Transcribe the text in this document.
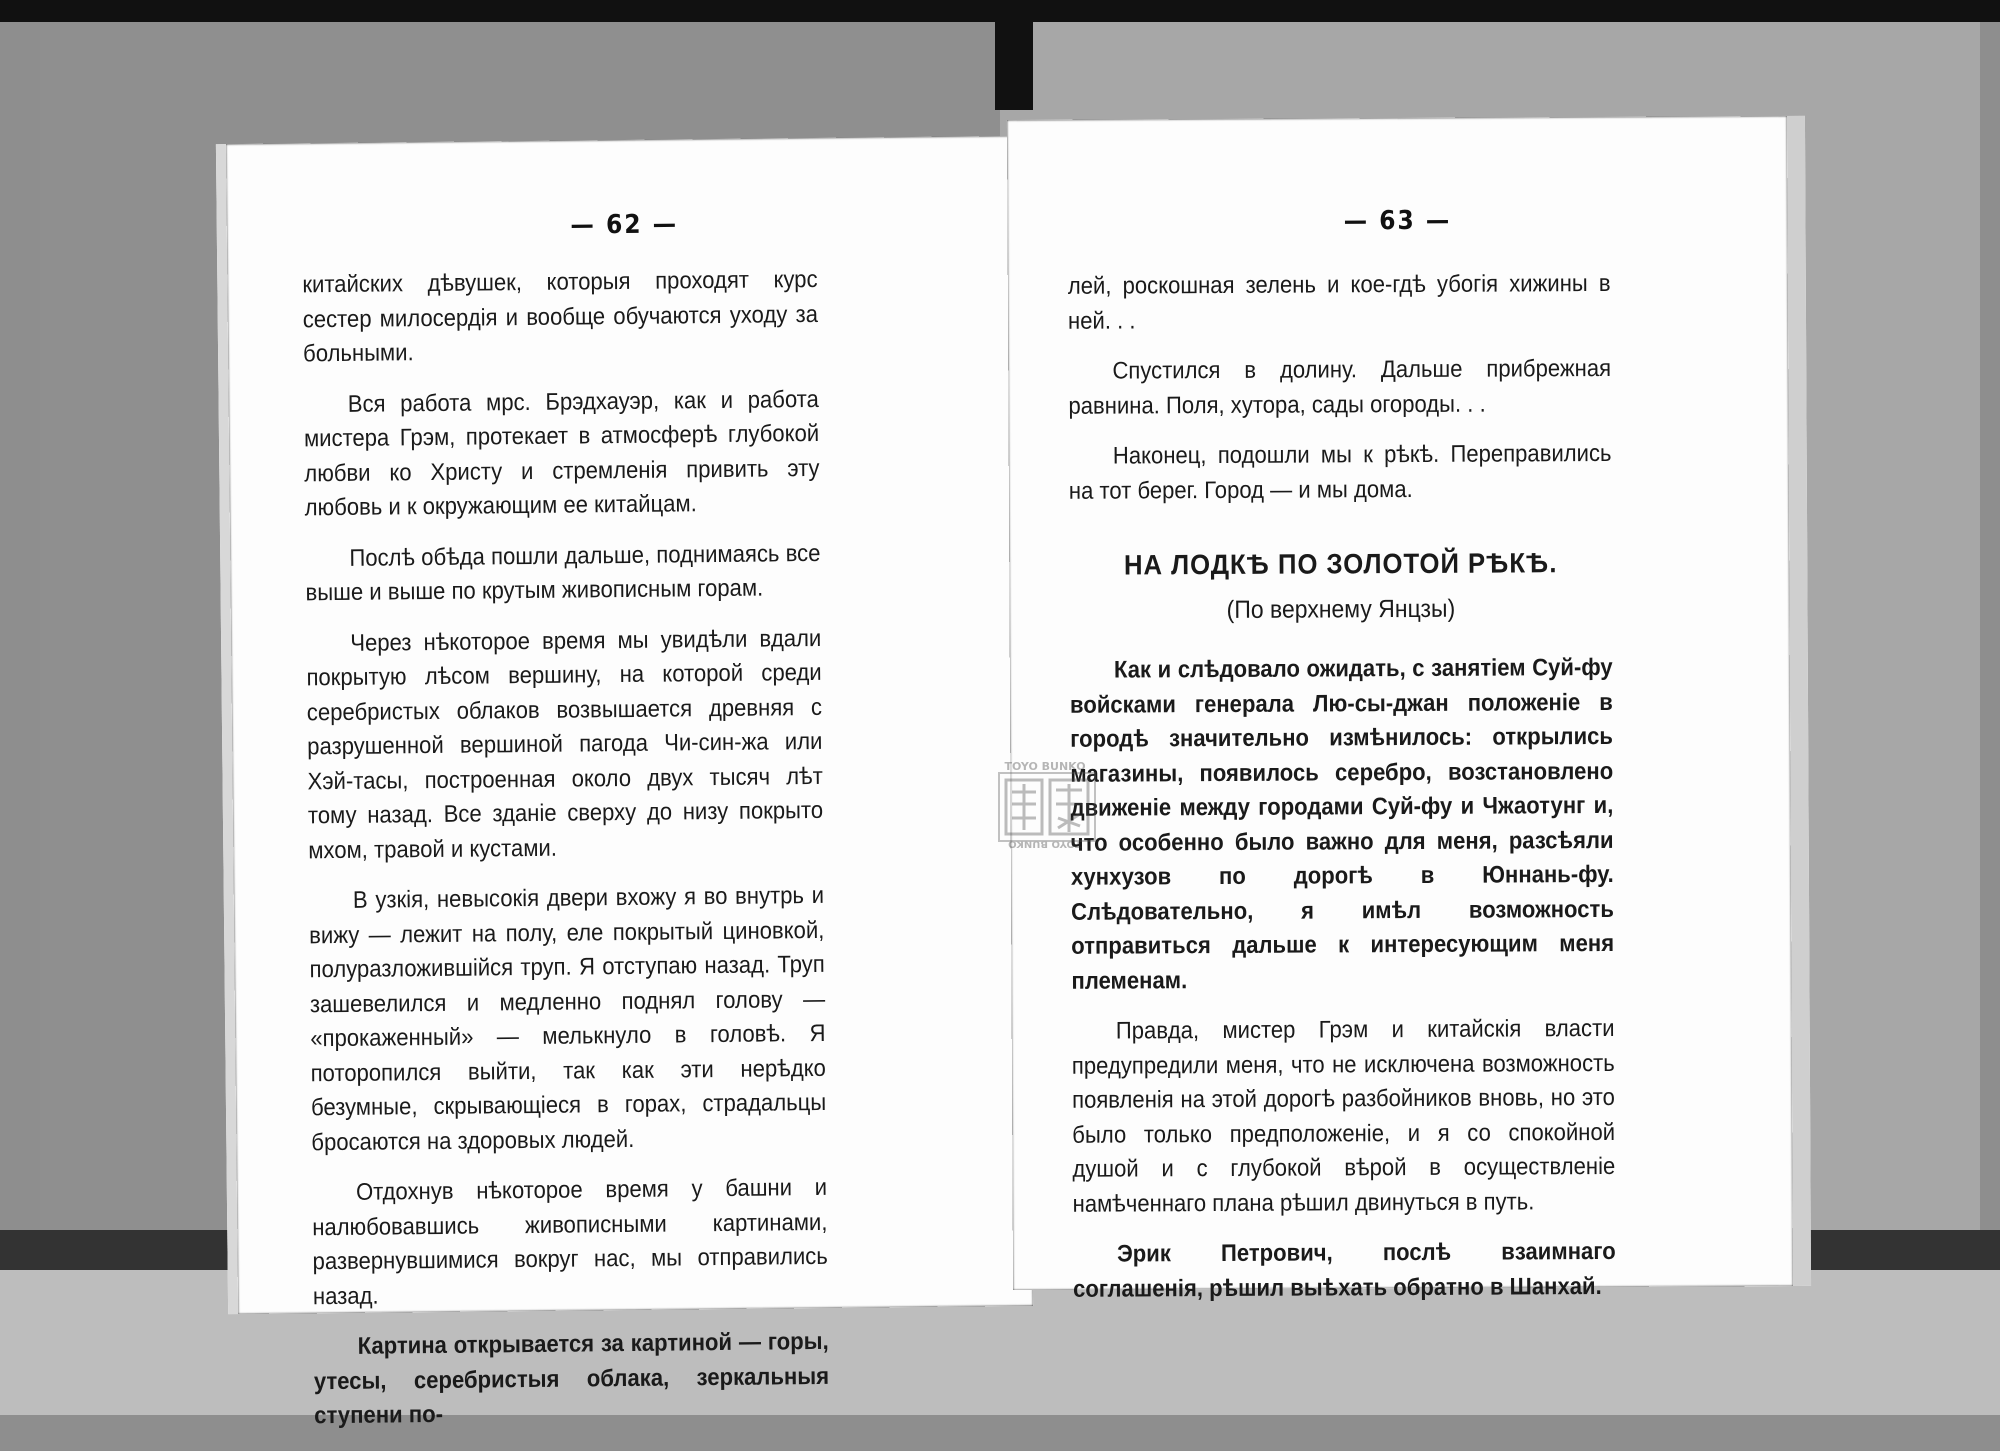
— 62 —

китайских дѣвушек, которыя проходят курс сестер милосердія и вообще обучаются уходу за больными.

Вся работа мрс. Брэдхауэр, как и работа мистера Грэм, протекает в атмосферѣ глубокой любви ко Христу и стремленія привить эту любовь и к окружающим ее китайцам.

Послѣ обѣда пошли дальше, поднимаясь все выше и выше по крутым живописным горам.

Через нѣкоторое время мы увидѣли вдали покрытую лѣсом вершину, на которой среди серебристых облаков возвышается древняя с разрушенной вершиной пагода Чи-син-жа или Хэй-тасы, построенная около двух тысяч лѣт тому назад. Все зданіе сверху до низу покрыто мхом, травой и кустами.

В узкія, невысокія двери вхожу я во внутрь и вижу — лежит на полу, еле покрытый циновкой, полуразложившійся труп. Я отступаю назад. Труп зашевелился и медленно поднял голову — «прокаженный» — мелькнуло в головѣ. Я поторопился выйти, так как эти нерѣдко безумные, скрывающіеся в горах, страдальцы бросаются на здоровых людей.

Отдохнув нѣкоторое время у башни и налюбовавшись живописными картинами, развернувшимися вокруг нас, мы отправились назад.

Картина открывается за картиной — горы, утесы, серебристыя облака, зеркальныя ступени по-

— 63 —

лей, роскошная зелень и кое-гдѣ убогія хижины в ней. . .

Спустился в долину. Дальше прибрежная равнина. Поля, хутора, сады огороды. . .

Наконец, подошли мы к рѣкѣ. Переправились на тот берег. Город — и мы дома.

НА ЛОДКѢ ПО ЗОЛОТОЙ РѢКѢ.
(По верхнему Янцзы)

Как и слѣдовало ожидать, с занятіем Суй-фу войсками генерала Лю-сы-джан положеніе в городѣ значительно измѣнилось: открылись магазины, появилось серебро, возстановлено движеніе между городами Суй-фу и Чжаотунг и, что особенно было важно для меня, разсѣяли хунхузов по дорогѣ в Юннань-фу. Слѣдовательно, я имѣл возможность отправиться дальше к интересующим меня племенам.

Правда, мистер Грэм и китайскія власти предупредили меня, что не исключена возможность появленія на этой дорогѣ разбойников вновь, но это было только предположеніе, и я со спокойной душой и с глубокой вѣрой в осуществленіе намѣченнаго плана рѣшил двинуться в путь.

Эрик Петрович, послѣ взаимнаго соглашенія, рѣшил выѣхать обратно в Шанхай.

TOYO BUNKO
TOYO BUNKO
